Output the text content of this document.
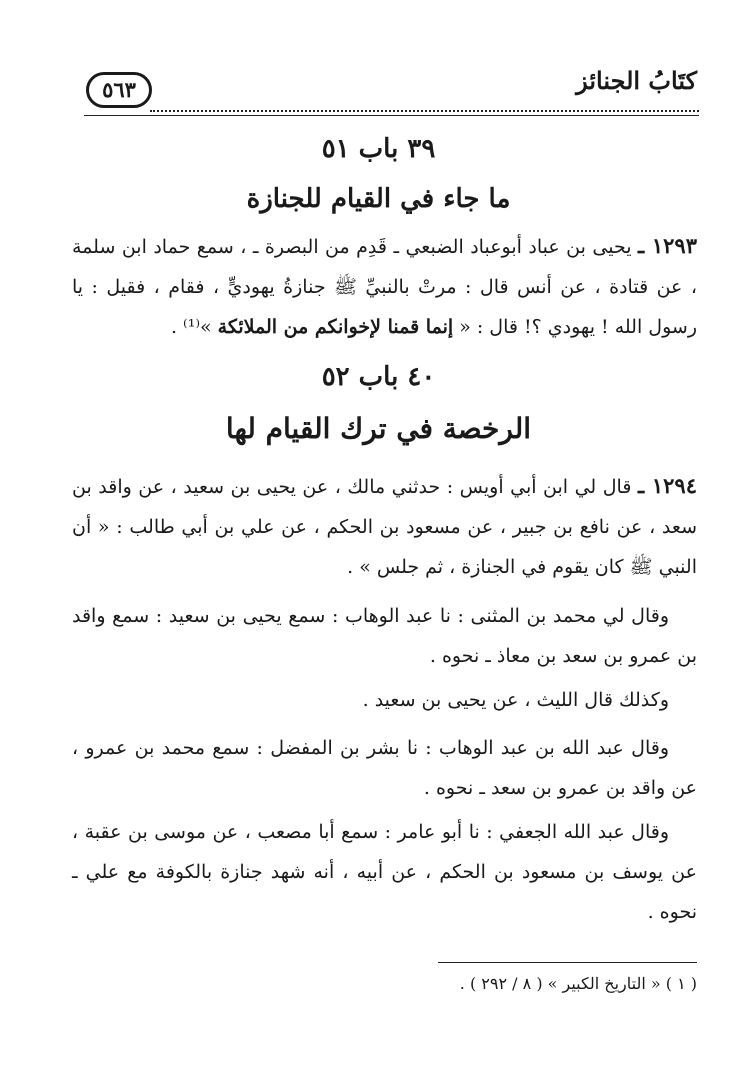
كتَابُ الجنائز
٥٦٣
٣٩ باب ٥١
ما جاء في القيام للجنازة
١٢٩٣ ـ يحيى بن عباد أبوعباد الضبعي ـ قَدِم من البصرة ـ ، سمع حماد ابن سلمة ، عن قتادة ، عن أنس قال : مرتْ بالنبيِّ ﷺ جنازةُ يهوديٍّ ، فقام ، فقيل : يا رسول الله ! يهودي ؟! قال : « إنما قمنا لإخوانكم من الملائكة »⁽¹⁾ .
٤٠ باب ٥٢
الرخصة في ترك القيام لها
١٢٩٤ ـ قال لي ابن أبي أويس : حدثني مالك ، عن يحيى بن سعيد ، عن واقد بن سعد ، عن نافع بن جبير ، عن مسعود بن الحكم ، عن علي بن أبي طالب : « أن النبي ﷺ كان يقوم في الجنازة ، ثم جلس » .
وقال لي محمد بن المثنى : نا عبد الوهاب : سمع يحيى بن سعيد : سمع واقد بن عمرو بن سعد بن معاذ ـ نحوه .
وكذلك قال الليث ، عن يحيى بن سعيد .
وقال عبد الله بن عبد الوهاب : نا بشر بن المفضل : سمع محمد بن عمرو ، عن واقد بن عمرو بن سعد ـ نحوه .
وقال عبد الله الجعفي : نا أبو عامر : سمع أبا مصعب ، عن موسى بن عقبة ، عن يوسف بن مسعود بن الحكم ، عن أبيه ، أنه شهد جنازة بالكوفة مع علي ـ نحوه .
( ١ ) « التاريخ الكبير » ( ٨ / ٢٩٢ ) .
